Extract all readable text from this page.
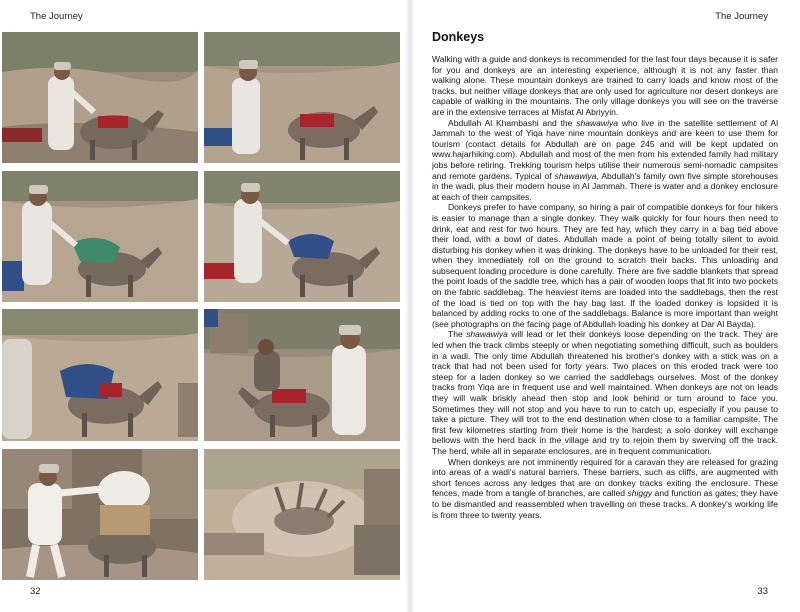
The Journey
32
The Journey
Donkeys

Walking with a guide and donkeys is recommended for the last four days because it is safer for you and donkeys are an interesting experience, although it is not any faster than walking alone. These mountain donkeys are trained to carry loads and know most of the tracks, but neither village donkeys that are only used for agriculture nor desert donkeys are capable of walking in the mountains. The only village donkeys you will see on the traverse are in the extensive terraces at Misfat Al Abriyyin.

Abdullah Al Khambashi and the shawawiya who live in the satellite settlement of Al Jammah to the west of Yiqa have nine mountain donkeys and are keen to use them for tourism (contact details for Abdullah are on page 245 and will be kept updated on www.hajarhiking.com). Abdullah and most of the men from his extended family had military jobs before retiring. Trekking tourism helps utilise their numerous semi-nomadic campsites and remote gardens. Typical of shawawiya, Abdullah's family own five simple storehouses in the wadi, plus their modern house in Al Jammah. There is water and a donkey enclosure at each of their campsites.

Donkeys prefer to have company, so hiring a pair of compatible donkeys for four hikers is easier to manage than a single donkey. They walk quickly for four hours then need to drink, eat and rest for two hours. They are fed hay, which they carry in a bag tied above their load, with a bowl of dates. Abdullah made a point of being totally silent to avoid disturbing his donkey when it was drinking. The donkeys have to be unloaded for their rest, when they immediately roll on the ground to scratch their backs. This unloading and subsequent loading procedure is done carefully. There are five saddle blankets that spread the point loads of the saddle tree, which has a pair of wooden loops that fit into two pockets on the fabric saddlebag. The heaviest items are loaded into the saddlebags, then the rest of the load is tied on top with the hay bag last. If the loaded donkey is lopsided it is balanced by adding rocks to one of the saddlebags. Balance is more important than weight (see photographs on the facing page of Abdullah loading his donkey at Dar Al Bayda).

The shawawiya will lead or let their donkeys loose depending on the track. They are led when the track climbs steeply or when negotiating something difficult, such as boulders in a wadi. The only time Abdullah threatened his brother's donkey with a stick was on a track that had not been used for forty years. Two places on this eroded track were too steep for a laden donkey so we carried the saddlebags ourselves. Most of the donkey tracks from Yiqa are in frequent use and well maintained. When donkeys are not on leads they will walk briskly ahead then stop and look behind or turn around to face you. Sometimes they will not stop and you have to run to catch up, especially if you pause to take a picture. They will trot to the end destination when close to a familiar campsite. The first few kilometres starting from their home is the hardest; a solo donkey will exchange bellows with the herd back in the village and try to rejoin them by swerving off the track. The herd, while all in separate enclosures, are in frequent communication.

When donkeys are not imminently required for a caravan they are released for grazing into areas of a wadi's natural barriers. These barriers, such as cliffs, are augmented with short fences across any ledges that are on donkey tracks exiting the enclosure. These fences, made from a tangle of branches, are called shiggy and function as gates; they have to be dismantled and reassembled when travelling on these tracks. A donkey's working life is from three to twenty years.

33
